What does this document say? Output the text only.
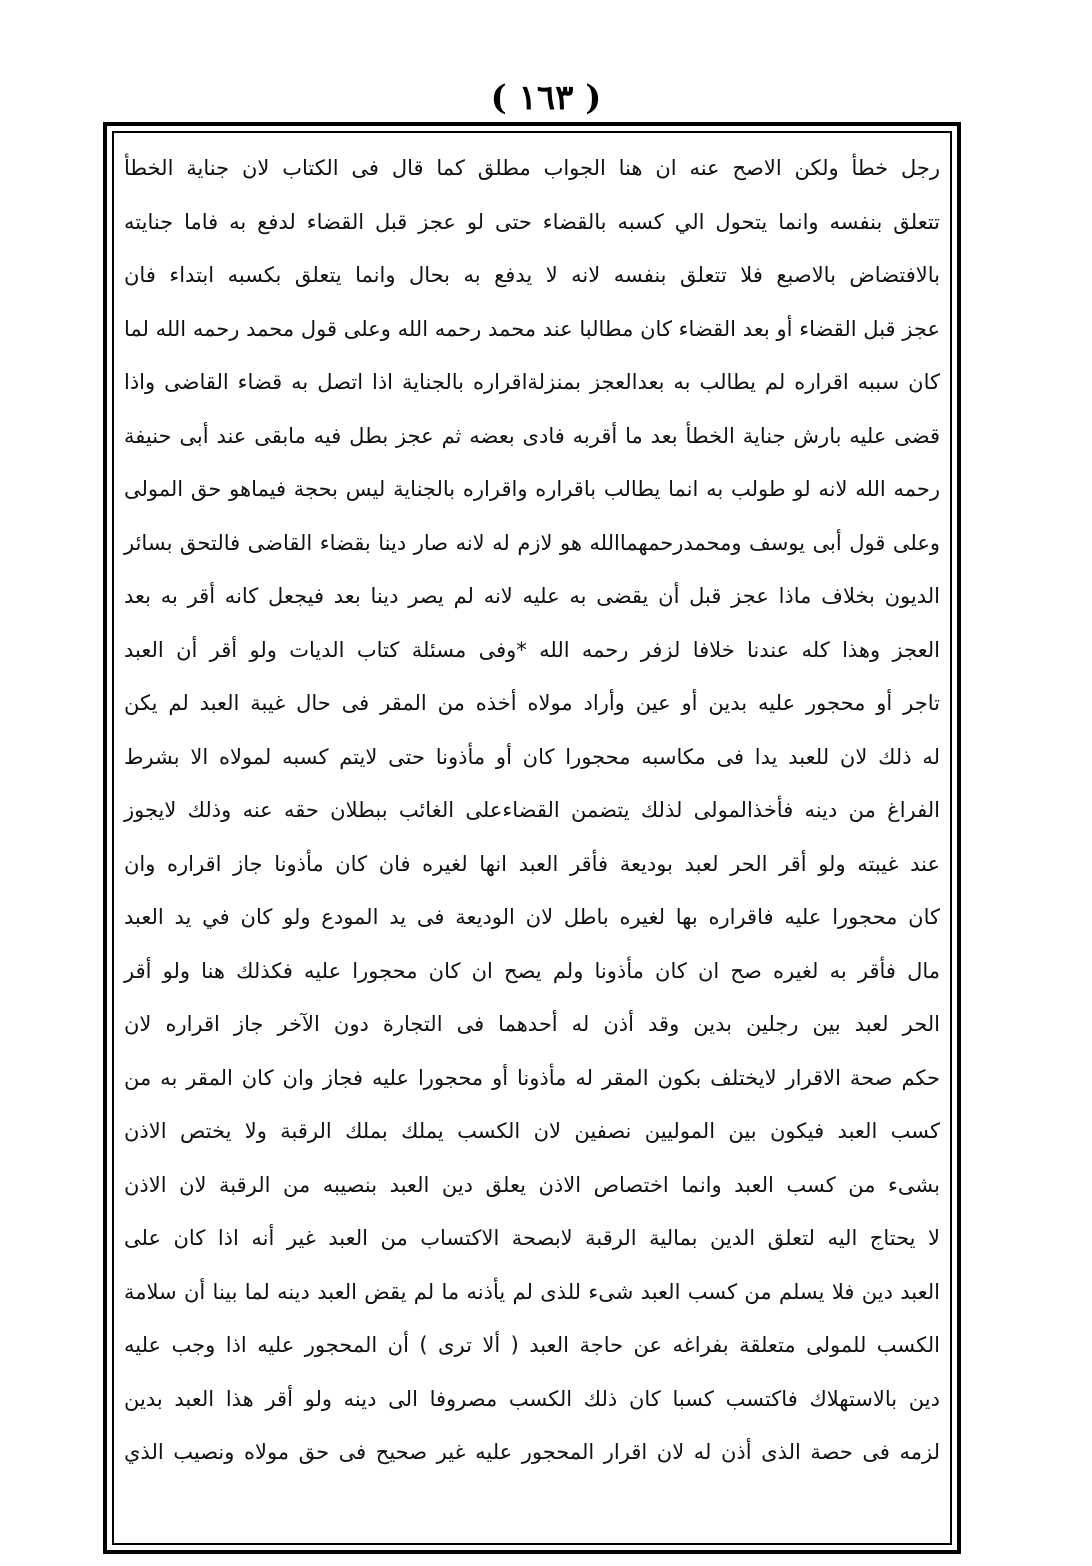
( ١٦٣ )
رجل خطأ ولكن الاصح عنه ان هنا الجواب مطلق كما قال فى الكتاب لان جناية الخطأ
تتعلق بنفسه وانما يتحول الي كسبه بالقضاء حتى لو عجز قبل القضاء لدفع به فاما جنايته
بالافتضاض بالاصبع فلا تتعلق بنفسه لانه لا يدفع به بحال وانما يتعلق بكسبه ابتداء فان
عجز قبل القضاء أو بعد القضاء كان مطالبا عند محمد رحمه الله وعلى قول محمد رحمه الله لما
كان سببه اقراره لم يطالب به بعدالعجز بمنزلةاقراره بالجناية اذا اتصل به قضاء القاضى واذا
قضى عليه بارش جناية الخطأ بعد ما أقربه فادى بعضه ثم عجز بطل فيه مابقى عند أبى حنيفة
رحمه الله لانه لو طولب به انما يطالب باقراره واقراره بالجناية ليس بحجة فيماهو حق المولى
وعلى قول أبى يوسف ومحمدرحمهماالله هو لازم له لانه صار دينا بقضاء القاضى فالتحق بسائر
الديون بخلاف ماذا عجز قبل أن يقضى به عليه لانه لم يصر دينا بعد فيجعل كانه أقر به بعد
العجز وهذا كله عندنا خلافا لزفر رحمه الله *وفى مسئلة كتاب الديات ولو أقر أن العبد
تاجر أو محجور عليه بدين أو عين وأراد مولاه أخذه من المقر فى حال غيبة العبد لم يكن
له ذلك لان للعبد يدا فى مكاسبه محجورا كان أو مأذونا حتى لايتم كسبه لمولاه الا بشرط
الفراغ من دينه فأخذالمولى لذلك يتضمن القضاءعلى الغائب ببطلان حقه عنه وذلك لايجوز
عند غيبته ولو أقر الحر لعبد بوديعة فأقر العبد انها لغيره فان كان مأذونا جاز اقراره وان
كان محجورا عليه فاقراره بها لغيره باطل لان الوديعة فى يد المودع ولو كان في يد العبد
مال فأقر به لغيره صح ان كان مأذونا ولم يصح ان كان محجورا عليه فكذلك هنا ولو أقر
الحر لعبد بين رجلين بدين وقد أذن له أحدهما فى التجارة دون الآخر جاز اقراره لان
حكم صحة الاقرار لايختلف بكون المقر له مأذونا أو محجورا عليه فجاز وان كان المقر به من
كسب العبد فيكون بين الموليين نصفين لان الكسب يملك بملك الرقبة ولا يختص الاذن
بشىء من كسب العبد وانما اختصاص الاذن يعلق دين العبد بنصيبه من الرقبة لان الاذن
لا يحتاج اليه لتعلق الدين بمالية الرقبة لابصحة الاكتساب من العبد غير أنه اذا كان على
العبد دين فلا يسلم من كسب العبد شىء للذى لم يأذنه ما لم يقض العبد دينه لما بينا أن سلامة
الكسب للمولى متعلقة بفراغه عن حاجة العبد ( ألا ترى ) أن المحجور عليه اذا وجب عليه
دين بالاستهلاك فاكتسب كسبا كان ذلك الكسب مصروفا الى دينه ولو أقر هذا العبد بدين
لزمه فى حصة الذى أذن له لان اقرار المحجور عليه غير صحيح فى حق مولاه ونصيب الذي
